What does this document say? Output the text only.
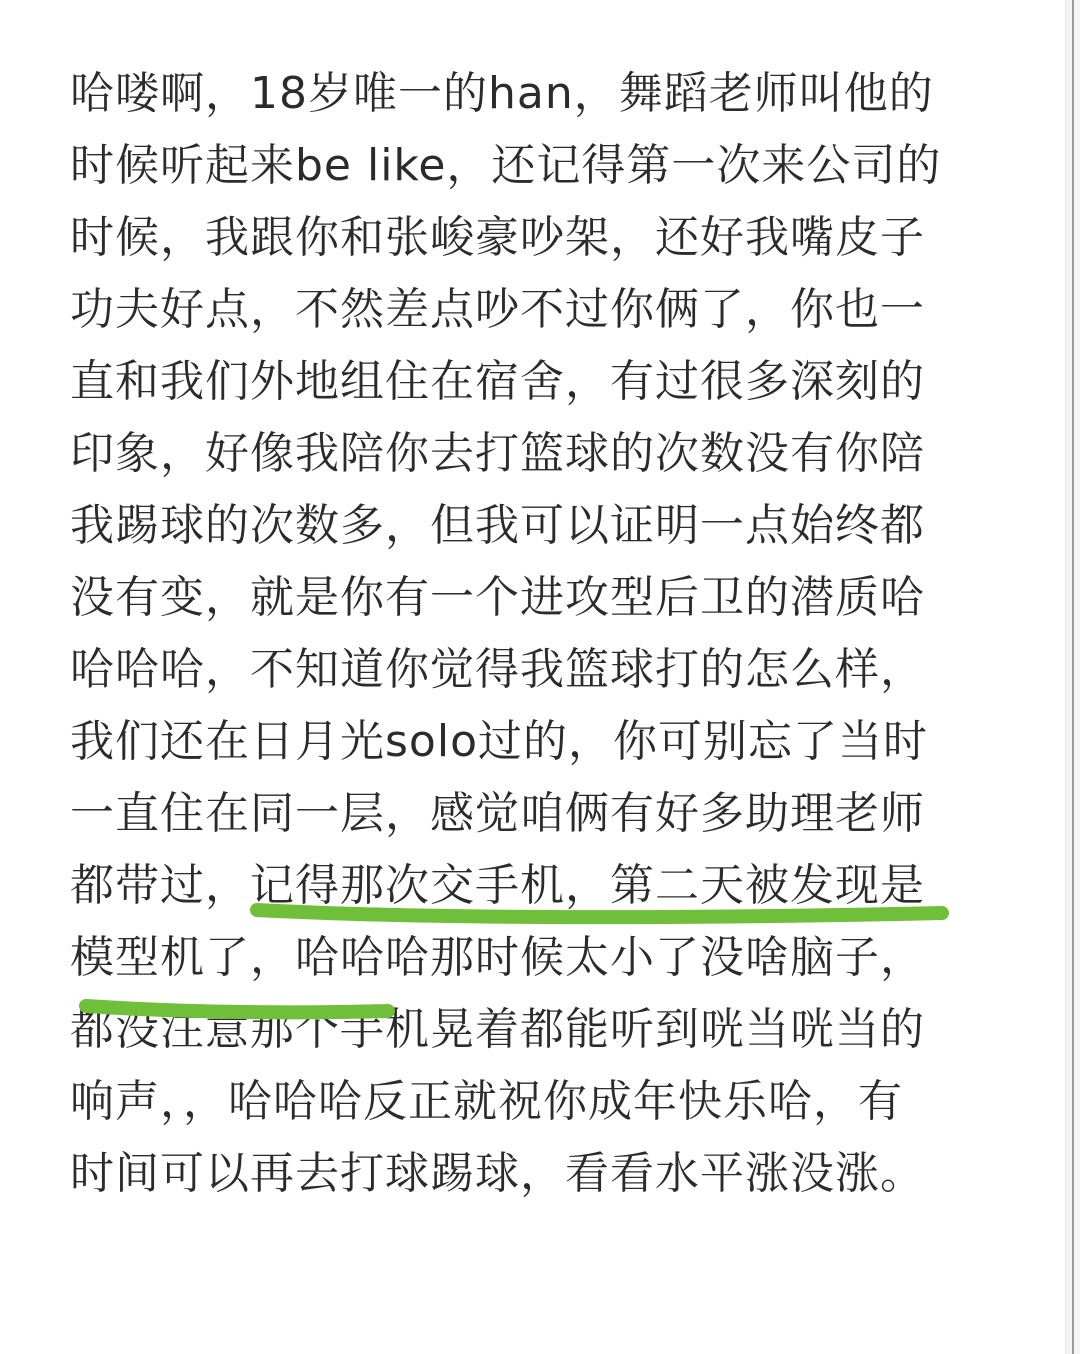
哈喽啊，18岁唯一的han，舞蹈老师叫他的
时候听起来be like，还记得第一次来公司的
时候，我跟你和张峻豪吵架，还好我嘴皮子
功夫好点，不然差点吵不过你俩了，你也一
直和我们外地组住在宿舍，有过很多深刻的
印象，好像我陪你去打篮球的次数没有你陪
我踢球的次数多，但我可以证明一点始终都
没有变，就是你有一个进攻型后卫的潜质哈
哈哈哈，不知道你觉得我篮球打的怎么样，
我们还在日月光solo过的，你可别忘了当时
一直住在同一层，感觉咱俩有好多助理老师
都带过，记得那次交手机，第二天被发现是
模型机了，哈哈哈那时候太小了没啥脑子，
都没注意那个手机晃着都能听到咣当咣当的
响声，，哈哈哈反正就祝你成年快乐哈，有
时间可以再去打球踢球，看看水平涨没涨。
